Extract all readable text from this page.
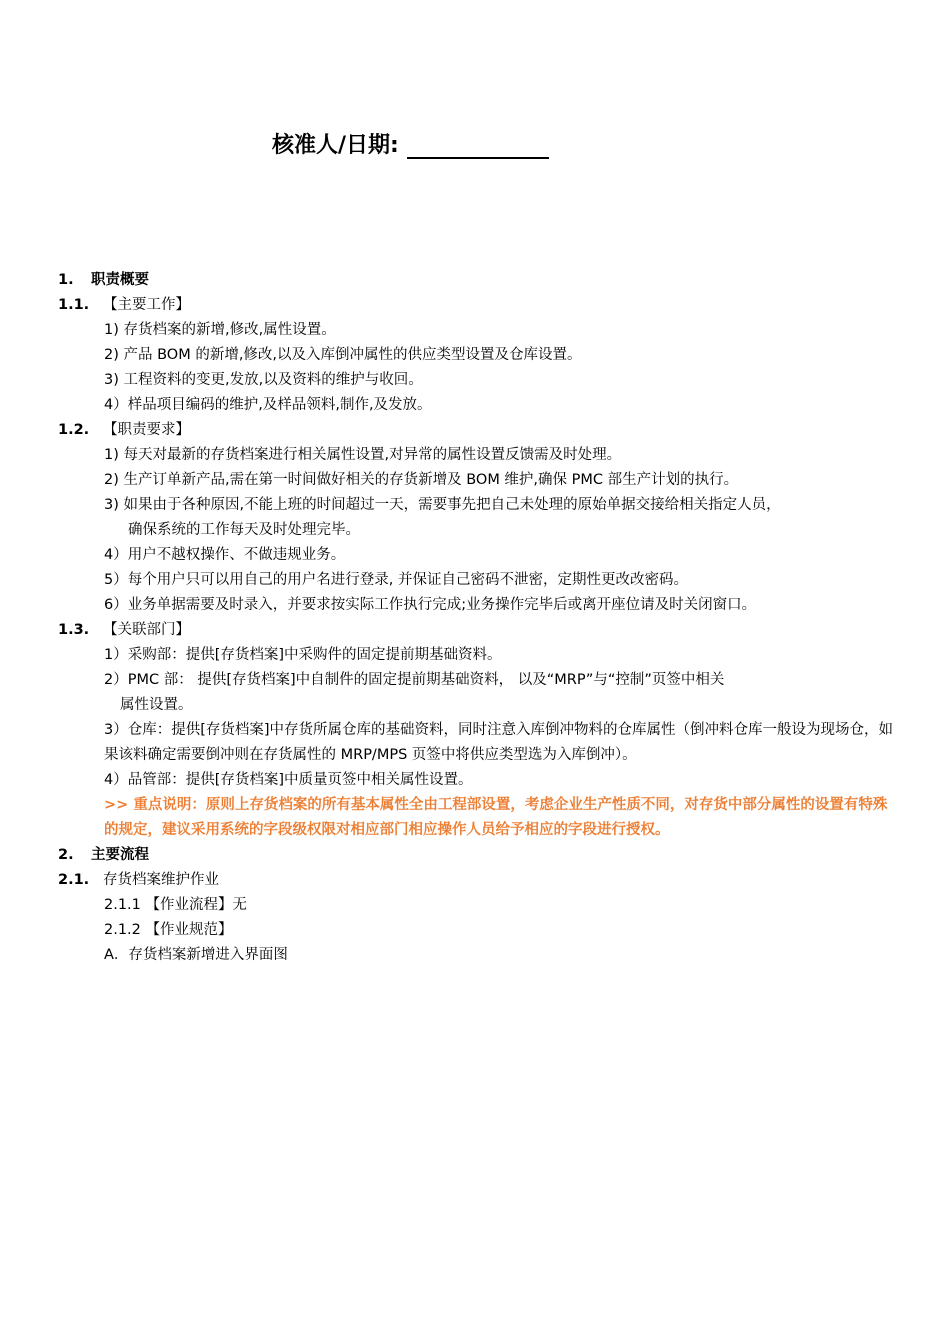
核准人/日期:
1. 职责概要
1.1. 【主要工作】
1) 存货档案的新增,修改,属性设置。
2) 产品 BOM 的新增,修改,以及入库倒冲属性的供应类型设置及仓库设置。
3) 工程资料的变更,发放,以及资料的维护与收回。
4）样品项目编码的维护,及样品领料,制作,及发放。
1.2. 【职责要求】
1) 每天对最新的存货档案进行相关属性设置,对异常的属性设置反馈需及时处理。
2) 生产订单新产品,需在第一时间做好相关的存货新增及 BOM 维护,确保 PMC 部生产计划的执行。
3) 如果由于各种原因,不能上班的时间超过一天，需要事先把自己未处理的原始单据交接给相关指定人员，
确保系统的工作每天及时处理完毕。
4）用户不越权操作、不做违规业务。
5）每个用户只可以用自己的用户名进行登录, 并保证自己密码不泄密，定期性更改改密码。
6）业务单据需要及时录入，并要求按实际工作执行完成;业务操作完毕后或离开座位请及时关闭窗口。
1.3. 【关联部门】
1）采购部：提供[存货档案]中采购件的固定提前期基础资料。
2）PMC 部： 提供[存货档案]中自制件的固定提前期基础资料， 以及“MRP”与“控制”页签中相关
属性设置。
3）仓库：提供[存货档案]中存货所属仓库的基础资料，同时注意入库倒冲物料的仓库属性（倒冲料仓库一般设为现场仓，如果该料确定需要倒冲则在存货属性的 MRP/MPS 页签中将供应类型选为入库倒冲）。
4）品管部：提供[存货档案]中质量页签中相关属性设置。
>> 重点说明：原则上存货档案的所有基本属性全由工程部设置，考虑企业生产性质不同，对存货中部分属性的设置有特殊的规定，建议采用系统的字段级权限对相应部门相应操作人员给予相应的字段进行授权。
2. 主要流程
2.1. 存货档案维护作业
2.1.1 【作业流程】无
2.1.2 【作业规范】
A．存货档案新增进入界面图
